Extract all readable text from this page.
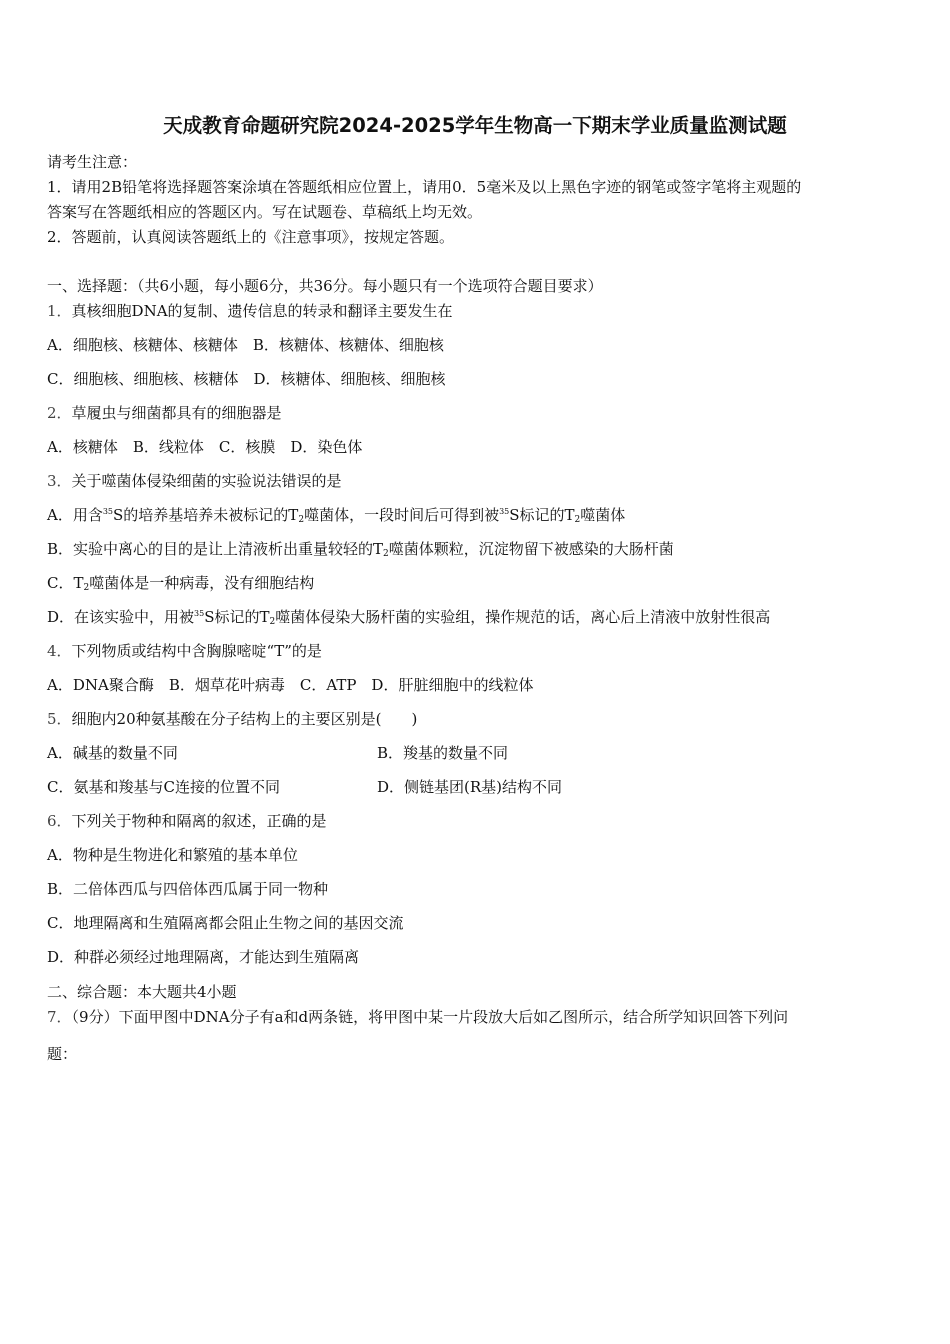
天成教育命题研究院2024-2025学年生物高一下期末学业质量监测试题
请考生注意：
1．请用2B铅笔将选择题答案涂填在答题纸相应位置上，请用0．5毫米及以上黑色字迹的钢笔或签字笔将主观题的
答案写在答题纸相应的答题区内。写在试题卷、草稿纸上均无效。
2．答题前，认真阅读答题纸上的《注意事项》，按规定答题。
一、选择题：（共6小题，每小题6分，共36分。每小题只有一个选项符合题目要求）
1．真核细胞DNA的复制、遗传信息的转录和翻译主要发生在
A．细胞核、核糖体、核糖体　B．核糖体、核糖体、细胞核
C．细胞核、细胞核、核糖体　D．核糖体、细胞核、细胞核
2．草履虫与细菌都具有的细胞器是
A．核糖体　B．线粒体　C．核膜　D．染色体
3．关于噬菌体侵染细菌的实验说法错误的是
A．用含$^{35}$S的培养基培养未被标记的$T_2$噬菌体，一段时间后可得到被$^{35}$S标记的$T_2$噬菌体
B．实验中离心的目的是让上清液析出重量较轻的$T_2$噬菌体颗粒，沉淀物留下被感染的大肠杆菌
C．$T_2$噬菌体是一种病毒，没有细胞结构
D．在该实验中，用被$^{35}$S标记的$T_2$噬菌体侵染大肠杆菌的实验组，操作规范的话，离心后上清液中放射性很高
4．下列物质或结构中含胸腺嘧啶“T”的是
A．DNA聚合酶　B．烟草花叶病毒　C．ATP　D．肝脏细胞中的线粒体
5．细胞内20种氨基酸在分子结构上的主要区别是(　　)
A．碱基的数量不同	B．羧基的数量不同
C．氨基和羧基与C连接的位置不同	D．侧链基团(R基)结构不同
6．下列关于物种和隔离的叙述，正确的是
A．物种是生物进化和繁殖的基本单位
B．二倍体西瓜与四倍体西瓜属于同一物种
C．地理隔离和生殖隔离都会阻止生物之间的基因交流
D．种群必须经过地理隔离，才能达到生殖隔离
二、综合题：本大题共4小题
7．（9分）下面甲图中DNA分子有a和d两条链，将甲图中某一片段放大后如乙图所示，结合所学知识回答下列问
题：
